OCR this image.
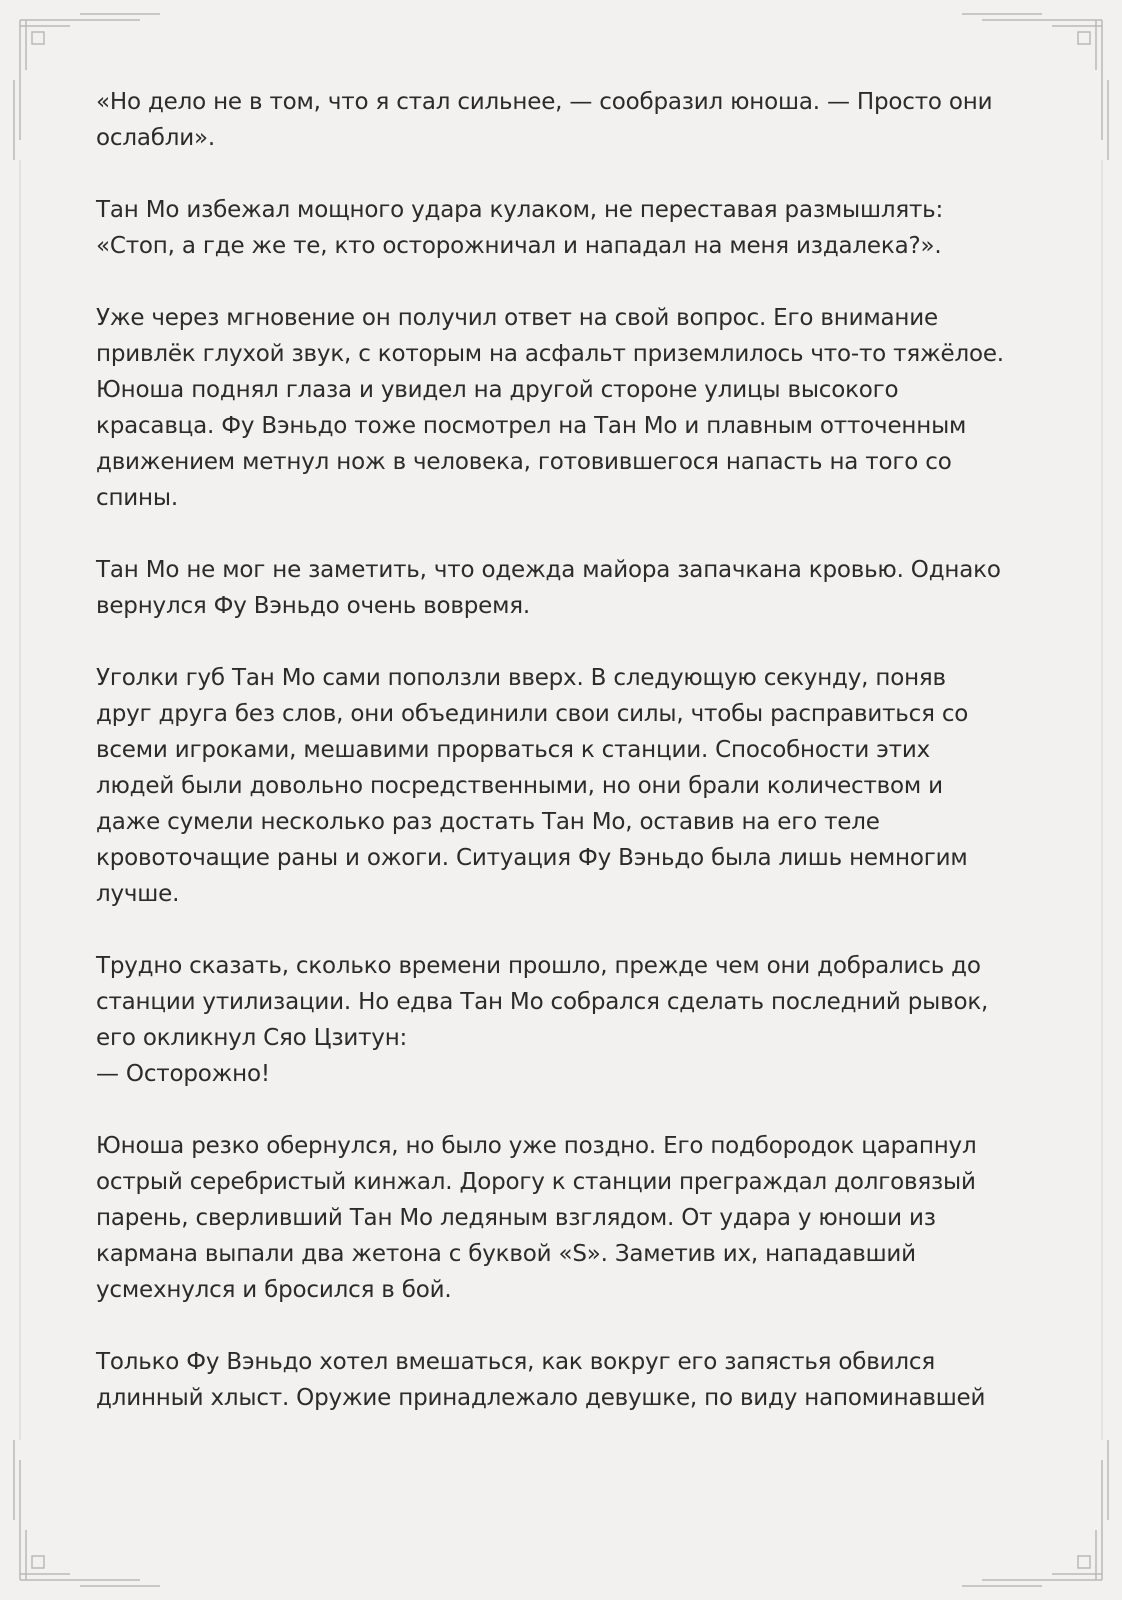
«Но дело не в том, что я стал сильнее, — сообразил юноша. — Просто они
ослабли».

Тан Мо избежал мощного удара кулаком, не переставая размышлять:
«Стоп, а где же те, кто осторожничал и нападал на меня издалека?».

Уже через мгновение он получил ответ на свой вопрос. Его внимание
привлёк глухой звук, с которым на асфальт приземлилось что-то тяжёлое.
Юноша поднял глаза и увидел на другой стороне улицы высокого
красавца. Фу Вэньдо тоже посмотрел на Тан Мо и плавным отточенным
движением метнул нож в человека, готовившегося напасть на того со
спины.

Тан Мо не мог не заметить, что одежда майора запачкана кровью. Однако
вернулся Фу Вэньдо очень вовремя.

Уголки губ Тан Мо сами поползли вверх. В следующую секунду, поняв
друг друга без слов, они объединили свои силы, чтобы расправиться со
всеми игроками, мешавими прорваться к станции. Способности этих
людей были довольно посредственными, но они брали количеством и
даже сумели несколько раз достать Тан Мо, оставив на его теле
кровоточащие раны и ожоги. Ситуация Фу Вэньдо была лишь немногим
лучше.

Трудно сказать, сколько времени прошло, прежде чем они добрались до
станции утилизации. Но едва Тан Мо собрался сделать последний рывок,
его окликнул Сяо Цзитун:
— Осторожно!

Юноша резко обернулся, но было уже поздно. Его подбородок царапнул
острый серебристый кинжал. Дорогу к станции преграждал долговязый
парень, сверливший Тан Мо ледяным взглядом. От удара у юноши из
кармана выпали два жетона с буквой «S». Заметив их, нападавший
усмехнулся и бросился в бой.

Только Фу Вэньдо хотел вмешаться, как вокруг его запястья обвился
длинный хлыст. Оружие принадлежало девушке, по виду напоминавшей
